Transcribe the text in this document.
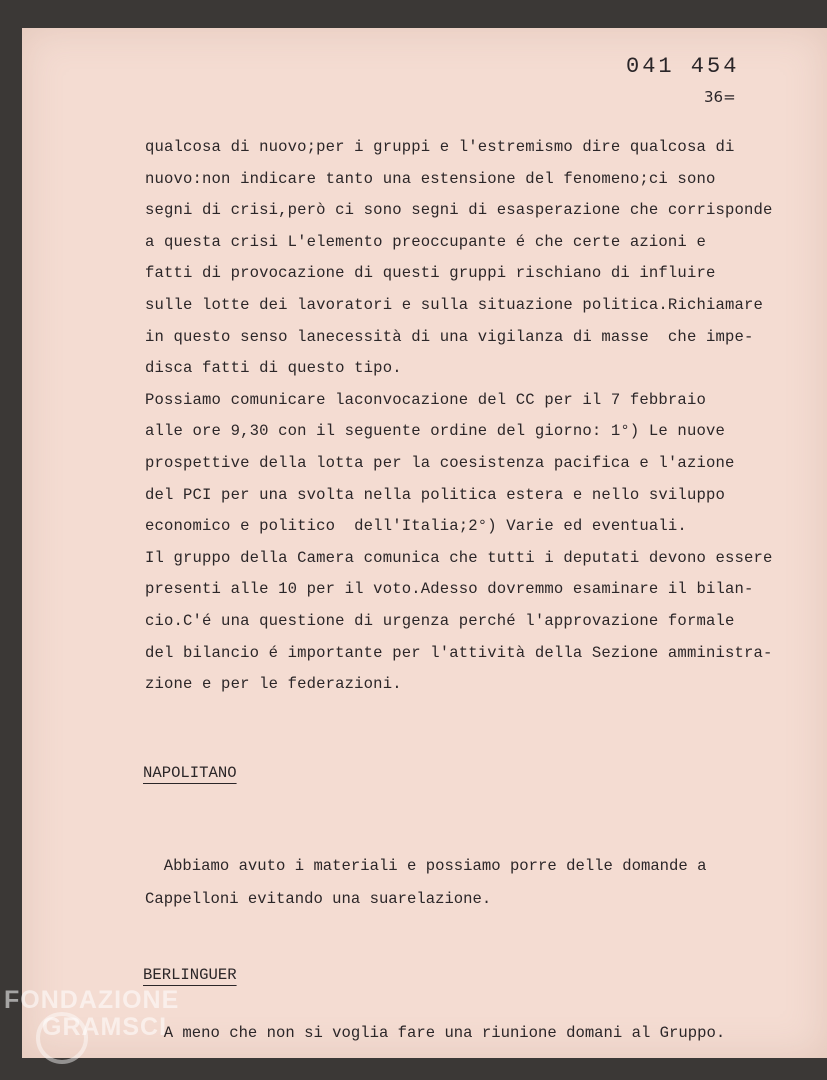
041 454
36=
qualcosa di nuovo;per i gruppi e l'estremismo dire qualcosa di
nuovo:non indicare tanto una estensione del fenomeno;ci sono
segni di crisi,però ci sono segni di esasperazione che corrisponde
a questa crisi L'elemento preoccupante é che certe azioni e
fatti di provocazione di questi gruppi rischiano di influire
sulle lotte dei lavoratori e sulla situazione politica.Richiamare
in questo senso lanecessità di una vigilanza di masse  che impe-
disca fatti di questo tipo.
Possiamo comunicare laconvocazione del CC per il 7 febbraio
alle ore 9,30 con il seguente ordine del giorno: 1°) Le nuove
prospettive della lotta per la coesistenza pacifica e l'azione
del PCI per una svolta nella politica estera e nello sviluppo
economico e politico  dell'Italia;2°) Varie ed eventuali.
Il gruppo della Camera comunica che tutti i deputati devono essere
presenti alle 10 per il voto.Adesso dovremmo esaminare il bilan-
cio.C'é una questione di urgenza perché l'approvazione formale
del bilancio é importante per l'attività della Sezione amministra-
zione e per le federazioni.
NAPOLITANO
Abbiamo avuto i materiali e possiamo porre delle domande a
Cappelloni evitando una suarelazione.
BERLINGUER
A meno che non si voglia fare una riunione domani al Gruppo.
FONDAZIONE
GRAMSCI
